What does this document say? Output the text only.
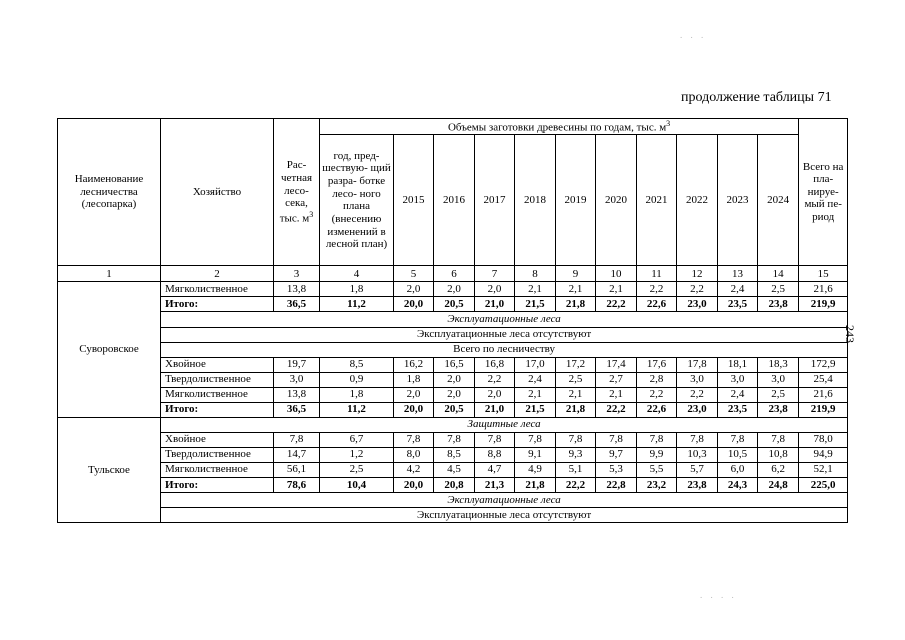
продолжение таблицы 71
243
. . .
. . . .
Наименование лесничества (лесопарка)	Хозяйство	Рас- четная лесо- сека, тыс. $м^3$	Объемы заготовки древесины по годам, тыс. $м^3$											Всего на пла- нируе- мый пе- риод
			год, пред- шествую- щий разра- ботке лесо- ного плана (внесению изменений в лесной план)	2015	2016	2017	2018	2019	2020	2021	2022	2023	2024	
1	2	3	4	5	6	7	8	9	10	11	12	13	14	15
Суворовское	Мягколиственное	13,8	1,8	2,0	2,0	2,0	2,1	2,1	2,1	2,2	2,2	2,4	2,5	21,6
	Итого:	36,5	11,2	20,0	20,5	21,0	21,5	21,8	22,2	22,6	23,0	23,5	23,8	219,9
	Эксплуатационные леса													
	Эксплуатационные леса отсутствуют													
	Всего по лесничеству													
	Хвойное	19,7	8,5	16,2	16,5	16,8	17,0	17,2	17,4	17,6	17,8	18,1	18,3	172,9
	Твердолиственное	3,0	0,9	1,8	2,0	2,2	2,4	2,5	2,7	2,8	3,0	3,0	3,0	25,4
	Мягколиственное	13,8	1,8	2,0	2,0	2,0	2,1	2,1	2,1	2,2	2,2	2,4	2,5	21,6
	Итого:	36,5	11,2	20,0	20,5	21,0	21,5	21,8	22,2	22,6	23,0	23,5	23,8	219,9
Тульское	Защитные леса													
	Хвойное	7,8	6,7	7,8	7,8	7,8	7,8	7,8	7,8	7,8	7,8	7,8	7,8	78,0
	Твердолиственное	14,7	1,2	8,0	8,5	8,8	9,1	9,3	9,7	9,9	10,3	10,5	10,8	94,9
	Мягколиственное	56,1	2,5	4,2	4,5	4,7	4,9	5,1	5,3	5,5	5,7	6,0	6,2	52,1
	Итого:	78,6	10,4	20,0	20,8	21,3	21,8	22,2	22,8	23,2	23,8	24,3	24,8	225,0
	Эксплуатационные леса													
	Эксплуатационные леса отсутствуют													
